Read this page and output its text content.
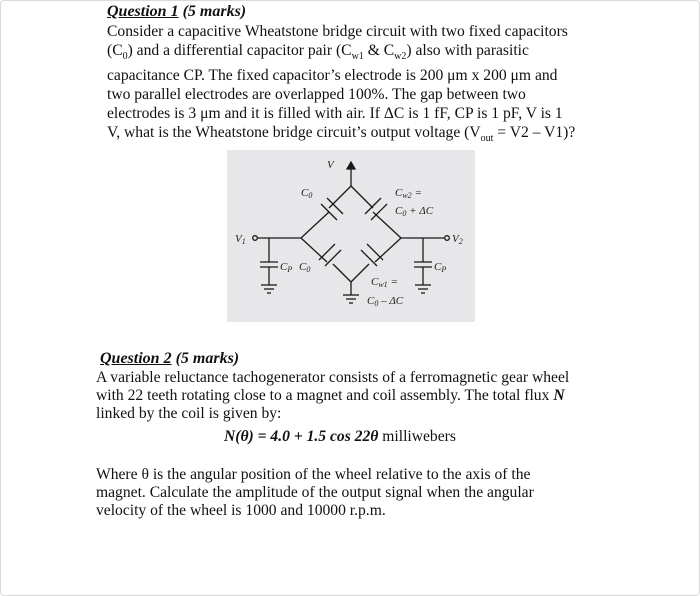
Question 1 (5 marks)
Consider a capacitive Wheatstone bridge circuit with two fixed capacitors
$(C_0)$ and a differential capacitor pair ($C_{w1}$ & $C_{w2}$) also with parasitic
capacitance CP. The fixed capacitor’s electrode is 200 μm x 200 μm and
two parallel electrodes are overlapped 100%. The gap between two
electrodes is 3 μm and it is filled with air. If ΔC is 1 fF, CP is 1 pF, V is 1
V, what is the Wheatstone bridge circuit’s output voltage $(V_{out} = V2 - V1)$?
V
C0	Cw2 =
C0 + ΔC
V1	V2
CP C0
Cw1 =
C0 – ΔC
CP
Question 2 (5 marks)
A variable reluctance tachogenerator consists of a ferromagnetic gear wheel
with 22 teeth rotating close to a magnet and coil assembly. The total flux N
linked by the coil is given by:
N(θ) = 4.0 + 1.5 cos 22θ milliwebers
Where θ is the angular position of the wheel relative to the axis of the
magnet. Calculate the amplitude of the output signal when the angular
velocity of the wheel is 1000 and 10000 r.p.m.
